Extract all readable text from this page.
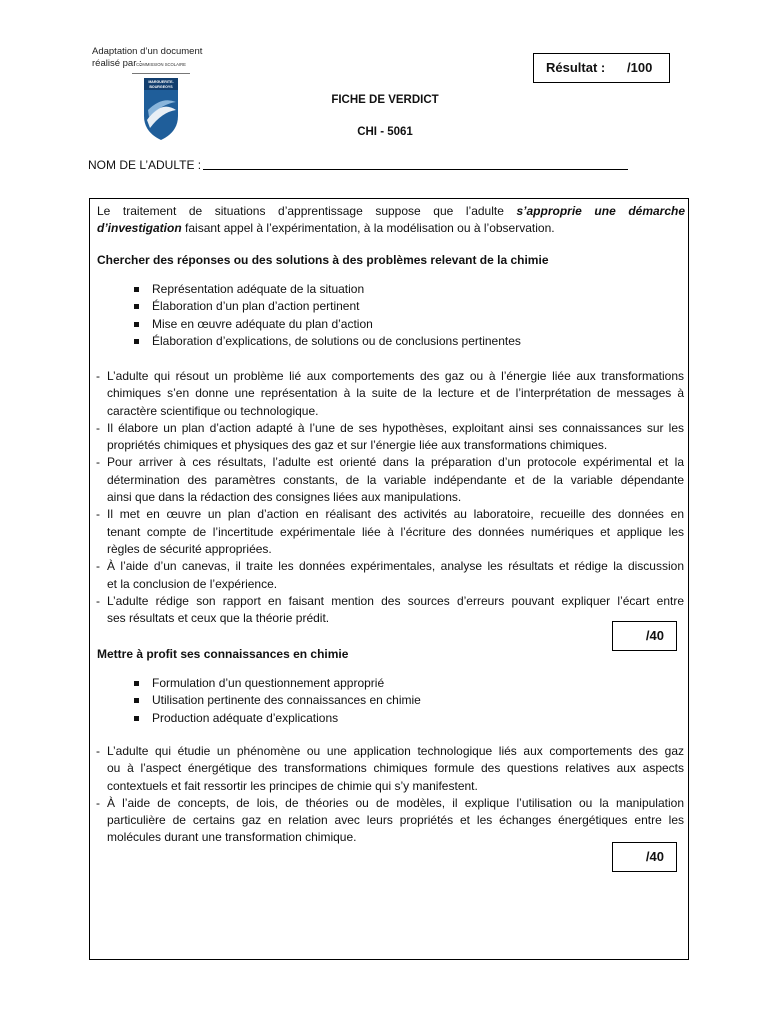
Adaptation d’un document
réalisé par :
COMMISSION SCOLAIRE
MARGUERITE-BOURGEOYS
Résultat : /100
FICHE DE VERDICT
CHI - 5061
NOM DE L’ADULTE :
Le traitement de situations d’apprentissage suppose que l’adulte s’approprie une démarche
d’investigation faisant appel à l’expérimentation, à la modélisation ou à l’observation.
Chercher des réponses ou des solutions à des problèmes relevant de la chimie
Représentation adéquate de la situation
Élaboration d’un plan d’action pertinent
Mise en œuvre adéquate du plan d’action
Élaboration d’explications, de solutions ou de conclusions pertinentes
- L’adulte qui résout un problème lié aux comportements des gaz ou à l’énergie liée aux transformations
chimiques s’en donne une représentation à la suite de la lecture et de l’interprétation de messages à
caractère scientifique ou technologique.
- Il élabore un plan d’action adapté à l’une de ses hypothèses, exploitant ainsi ses connaissances sur les
propriétés chimiques et physiques des gaz et sur l’énergie liée aux transformations chimiques.
- Pour arriver à ces résultats, l’adulte est orienté dans la préparation d’un protocole expérimental et la
détermination des paramètres constants, de la variable indépendante et de la variable dépendante
ainsi que dans la rédaction des consignes liées aux manipulations.
- Il met en œuvre un plan d’action en réalisant des activités au laboratoire, recueille des données en
tenant compte de l’incertitude expérimentale liée à l’écriture des données numériques et applique les
règles de sécurité appropriées.
- À l’aide d’un canevas, il traite les données expérimentales, analyse les résultats et rédige la discussion
et la conclusion de l’expérience.
- L’adulte rédige son rapport en faisant mention des sources d’erreurs pouvant expliquer l’écart entre
ses résultats et ceux que la théorie prédit.
/40
Mettre à profit ses connaissances en chimie
Formulation d’un questionnement approprié
Utilisation pertinente des connaissances en chimie
Production adéquate d’explications
- L’adulte qui étudie un phénomène ou une application technologique liés aux comportements des gaz
ou à l’aspect énergétique des transformations chimiques formule des questions relatives aux aspects
contextuels et fait ressortir les principes de chimie qui s’y manifestent.
- À l’aide de concepts, de lois, de théories ou de modèles, il explique l’utilisation ou la manipulation
particulière de certains gaz en relation avec leurs propriétés et les échanges énergétiques entre les
molécules durant une transformation chimique.
/40
